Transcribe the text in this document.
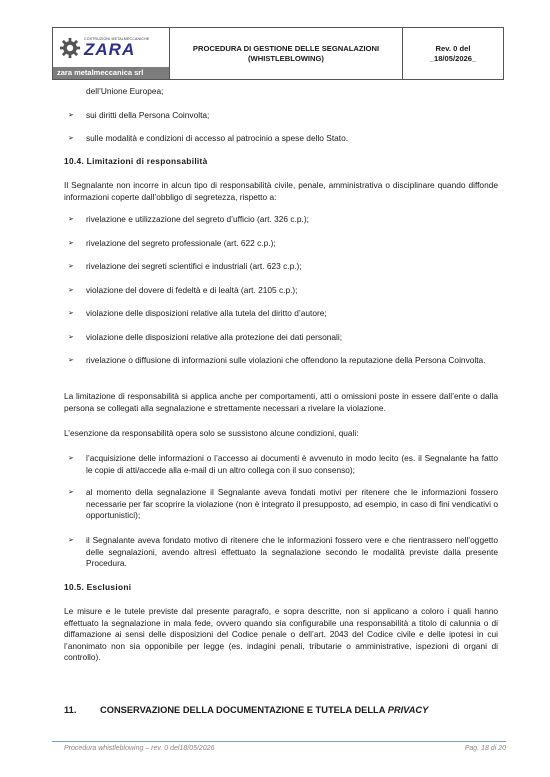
COSTRUZIONI METALMECCANICHE
ZARA
zara metalmeccanica srl
PROCEDURA DI GESTIONE DELLE SEGNALAZIONI
(WHISTLEBLOWING)
Rev. 0 del
_18/05/2026_
dell’Unione Europea;
➢ sui diritti della Persona Coinvolta;
➢ sulle modalità e condizioni di accesso al patrocinio a spese dello Stato.
10.4. Limitazioni di responsabilità

Il Segnalante non incorre in alcun tipo di responsabilità civile, penale, amministrativa o disciplinare quando diffonde informazioni coperte dall’obbligo di segretezza, rispetto a:

➢ rivelazione e utilizzazione del segreto d’ufficio (art. 326 c.p.);
➢ rivelazione del segreto professionale (art. 622 c.p.);
➢ rivelazione dei segreti scientifici e industriali (art. 623 c.p.);
➢ violazione del dovere di fedeltà e di lealtà (art. 2105 c.p.);
➢ violazione delle disposizioni relative alla tutela del diritto d’autore;
➢ violazione delle disposizioni relative alla protezione dei dati personali;
➢ rivelazione o diffusione di informazioni sulle violazioni che offendono la reputazione della Persona Coinvolta.

La limitazione di responsabilità si applica anche per comportamenti, atti o omissioni poste in essere dall’ente o dalla persona se collegati alla segnalazione e strettamente necessari a rivelare la violazione.

L’esenzione da responsabilità opera solo se sussistono alcune condizioni, quali:

➢ l’acquisizione delle informazioni o l’accesso ai documenti è avvenuto in modo lecito (es. il Segnalante ha fatto le copie di atti/accede alla e-mail di un altro collega con il suo consenso);
➢ al momento della segnalazione il Segnalante aveva fondati motivi per ritenere che le informazioni fossero necessarie per far scoprire la violazione (non è integrato il presupposto, ad esempio, in caso di fini vendicativi o opportunistici);
➢ il Segnalante aveva fondato motivo di ritenere che le informazioni fossero vere e che rientrassero nell’oggetto delle segnalazioni, avendo altresì effettuato la segnalazione secondo le modalità previste dalla presente Procedura.
10.5. Esclusioni

Le misure e le tutele previste dal presente paragrafo, e sopra descritte, non si applicano a coloro i quali hanno effettuato la segnalazione in mala fede, ovvero quando sia configurabile una responsabilità a titolo di calunnia o di diffamazione ai sensi delle disposizioni del Codice penale o dell’art. 2043 del Codice civile e delle ipotesi in cui l’anonimato non sia opponibile per legge (es. indagini penali, tributarie o amministrative, ispezioni di organi di controllo).

11.	CONSERVAZIONE DELLA DOCUMENTAZIONE E TUTELA DELLA PRIVACY
Procedura whistleblowing – rev. 0 del18/05/2026	Pag. 18 di 20
